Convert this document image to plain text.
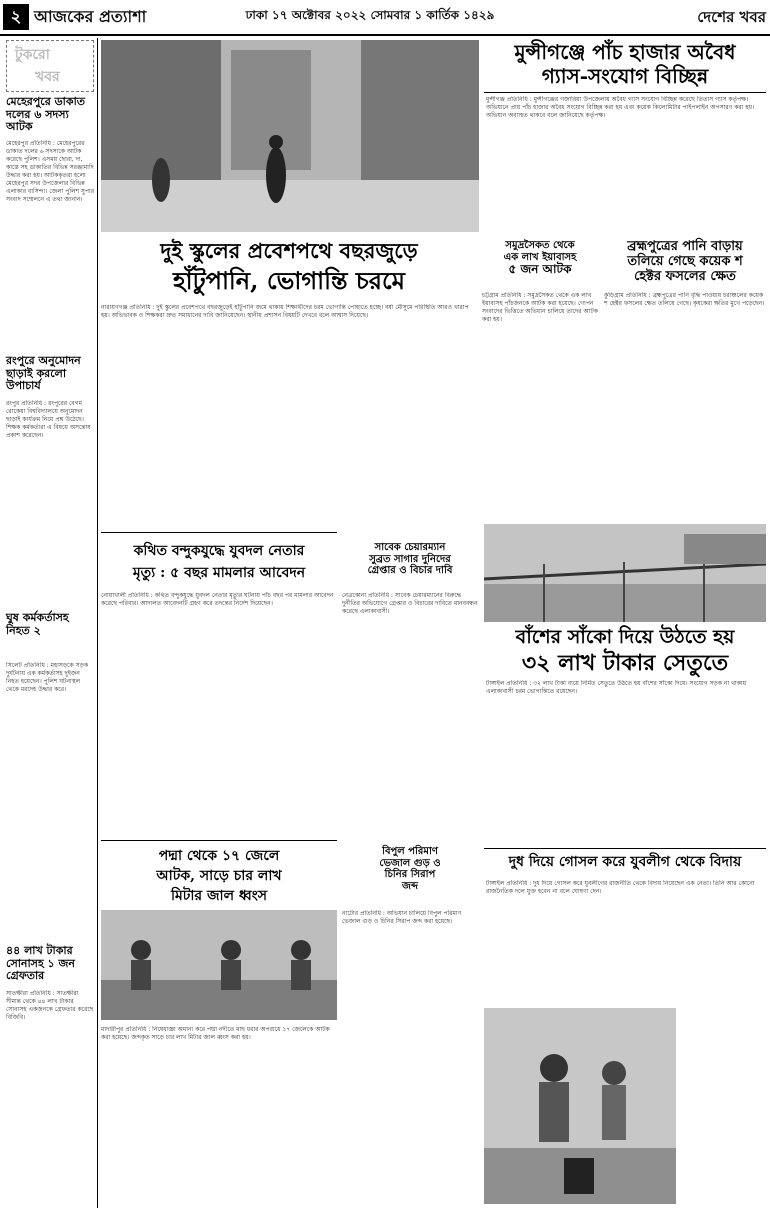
২ আজকের প্রত্যাশা	ঢাকা ১৭ অক্টোবর ২০২২ সোমবার ১ কার্তিক ১৪২৯	দেশের খবর
টুকরো
খবর
মেহেরপুরে ডাকাত দলের ৬ সদস্য আটক
মেহেরপুর প্রতিনিধি : মেহেরপুরের ডাকাত দলের ৬ সদস্যকে আটক করেছে পুলিশ। এসময় ছোরা, দা, কাস্তে সহ ডাকাতির বিভিন্ন সরঞ্জামাদি উদ্ধার করা হয়। আটককৃতরা হলো মেহেরপুর সদর উপজেলার বিভিন্ন এলাকার বাসিন্দা। জেলা পুলিশ সুপার সংবাদ সম্মেলনে এ তথ্য জানান।
রংপুরে অনুমোদন ছাড়াই করলো উপাচার্য
রংপুর প্রতিনিধি : রংপুরের বেগম রোকেয়া বিশ্ববিদ্যালয়ে অনুমোদন ছাড়াই কার্যক্রম নিয়ে প্রশ্ন উঠেছে। শিক্ষক কর্মকর্তারা এ বিষয়ে অসন্তোষ প্রকাশ করেছেন।
ঘুষ কর্মকর্তাসহ নিহত ২
সিলেট প্রতিনিধি : মহাসড়কে সড়ক দুর্ঘটনায় এক কর্মকর্তাসহ দুইজন নিহত হয়েছেন। পুলিশ ঘটনাস্থল থেকে মরদেহ উদ্ধার করে।
৪৪ লাখ টাকার সোনাসহ ১ জন গ্রেফতার
সাতক্ষীরা প্রতিনিধি : সাতক্ষীরা সীমান্ত থেকে ৪৪ লাখ টাকার সোনাসহ একজনকে গ্রেফতার করেছে বিজিবি।
মুন্সীগঞ্জে পাঁচ হাজার অবৈধ
গ্যাস-সংযোগ বিচ্ছিন্ন
মুন্সীগঞ্জ প্রতিনিধি : মুন্সীগঞ্জের গজারিয়া উপজেলায় অবৈধ গ্যাস সংযোগ বিচ্ছিন্ন করেছে তিতাস গ্যাস কর্তৃপক্ষ। অভিযানে প্রায় পাঁচ হাজার অবৈধ সংযোগ বিচ্ছিন্ন করা হয় এবং কয়েক কিলোমিটার পাইপলাইন অপসারণ করা হয়। অভিযান অব্যাহত থাকবে বলে জানিয়েছে কর্তৃপক্ষ।
দুই স্কুলের প্রবেশপথে বছরজুড়ে
হাঁটুপানি, ভোগান্তি চরমে
নারায়ণগঞ্জ প্রতিনিধি : দুই স্কুলের প্রবেশপথে বছরজুড়েই হাঁটুপানি জমে থাকায় শিক্ষার্থীদের চরম ভোগান্তি পোহাতে হচ্ছে। বর্ষা মৌসুমে পরিস্থিতি আরও খারাপ হয়। অভিভাবক ও শিক্ষকরা দ্রুত সমাধানের দাবি জানিয়েছেন। স্থানীয় প্রশাসন বিষয়টি দেখবে বলে আশ্বাস দিয়েছে।
সমুদ্রসৈকত থেকে
এক লাখ ইয়াবাসহ
৫ জন আটক
চট্টগ্রাম প্রতিনিধি : সমুদ্রসৈকত থেকে এক লাখ ইয়াবাসহ পাঁচজনকে আটক করা হয়েছে। গোপন সংবাদের ভিত্তিতে অভিযান চালিয়ে তাদের আটক করা হয়।
ব্রহ্মপুত্রের পানি বাড়ায়
তলিয়ে গেছে কয়েক শ
হেক্টর ফসলের ক্ষেত
কুড়িগ্রাম প্রতিনিধি : ব্রহ্মপুত্রের পানি বৃদ্ধি পাওয়ায় চরাঞ্চলের কয়েক শ হেক্টর ফসলের ক্ষেত তলিয়ে গেছে। কৃষকেরা ক্ষতির মুখে পড়েছেন।
বাঁশের সাঁকো দিয়ে উঠতে হয়
৩২ লাখ টাকার সেতুতে
টাঙ্গাইল প্রতিনিধি : ৩২ লাখ টাকা ব্যয়ে নির্মিত সেতুতে উঠতে হয় বাঁশের সাঁকো দিয়ে। সংযোগ সড়ক না থাকায় এলাকাবাসী চরম ভোগান্তিতে রয়েছেন।
কথিত বন্দুকযুদ্ধে যুবদল নেতার
মৃত্যু : ৫ বছর মামলার আবেদন
নোয়াখালী প্রতিনিধি : কথিত বন্দুকযুদ্ধে যুবদল নেতার মৃত্যুর ঘটনায় পাঁচ বছর পর মামলার আবেদন করেছে পরিবার। আদালত আবেদনটি গ্রহণ করে তদন্তের নির্দেশ দিয়েছেন।
সাবেক চেয়ারম্যান
সুব্রত সাগার দুনিদের
গ্রেপ্তার ও বিচার দাবি
নেত্রকোনা প্রতিনিধি : সাবেক চেয়ারম্যানের বিরুদ্ধে দুর্নীতির অভিযোগে গ্রেপ্তার ও বিচারের দাবিতে মানববন্ধন করেছে এলাকাবাসী।
পদ্মা থেকে ১৭ জেলে
আটক, সাড়ে চার লাখ
মিটার জাল ধ্বংস
মাদারীপুর প্রতিনিধি : নিষেধাজ্ঞা অমান্য করে পদ্মা নদীতে মাছ ধরার অপরাধে ১৭ জেলেকে আটক করা হয়েছে। জব্দকৃত সাড়ে চার লাখ মিটার জাল ধ্বংস করা হয়।
বিপুল পরিমাণ
ভেজাল গুড় ও
চিনির সিরাপ
জব্দ
নাটোর প্রতিনিধি : অভিযান চালিয়ে বিপুল পরিমাণ ভেজাল গুড় ও চিনির সিরাপ জব্দ করা হয়েছে।
দুধ দিয়ে গোসল করে যুবলীগ থেকে বিদায়
টাঙ্গাইল প্রতিনিধি : দুধ দিয়ে গোসল করে যুবলীগের রাজনীতি থেকে বিদায় নিয়েছেন এক নেতা। তিনি আর কোনো রাজনৈতিক দলে যুক্ত হবেন না বলে ঘোষণা দেন।
